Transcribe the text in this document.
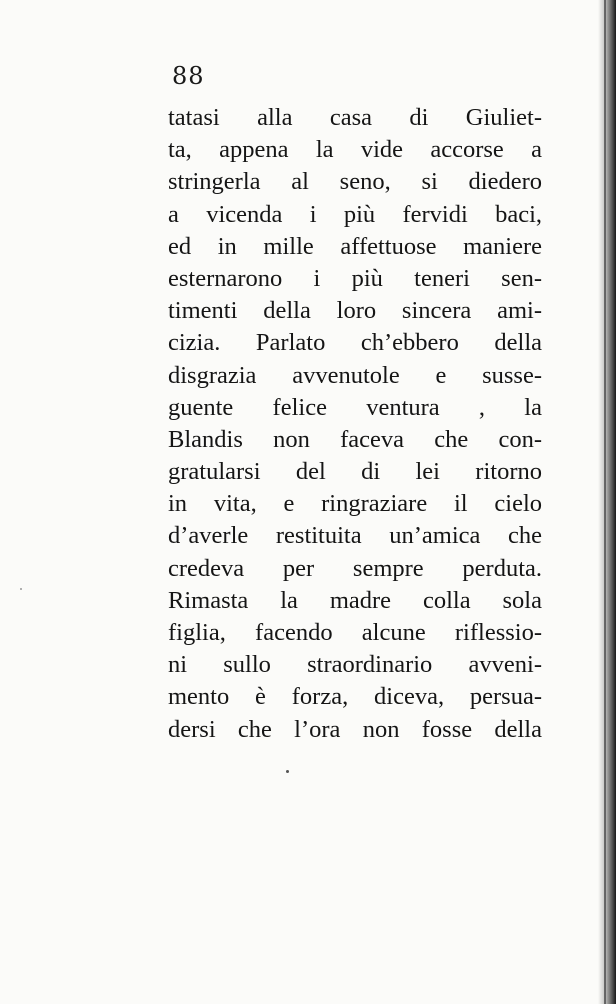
88
tatasi alla casa di Giuliet-
ta, appena la vide accorse a
stringerla al seno, si diedero
a vicenda i più fervidi baci,
ed in mille affettuose maniere
esternarono i più teneri sen-
timenti della loro sincera ami-
cizia. Parlato ch’ebbero della
disgrazia avvenutole e susse-
guente felice ventura , la
Blandis non faceva che con-
gratularsi del di lei ritorno
in vita, e ringraziare il cielo
d’averle restituita un’amica che
credeva per sempre perduta.
Rimasta la madre colla sola
figlia, facendo alcune riflessio-
ni sullo straordinario avveni-
mento è forza, diceva, persua-
dersi che l’ora non fosse della
